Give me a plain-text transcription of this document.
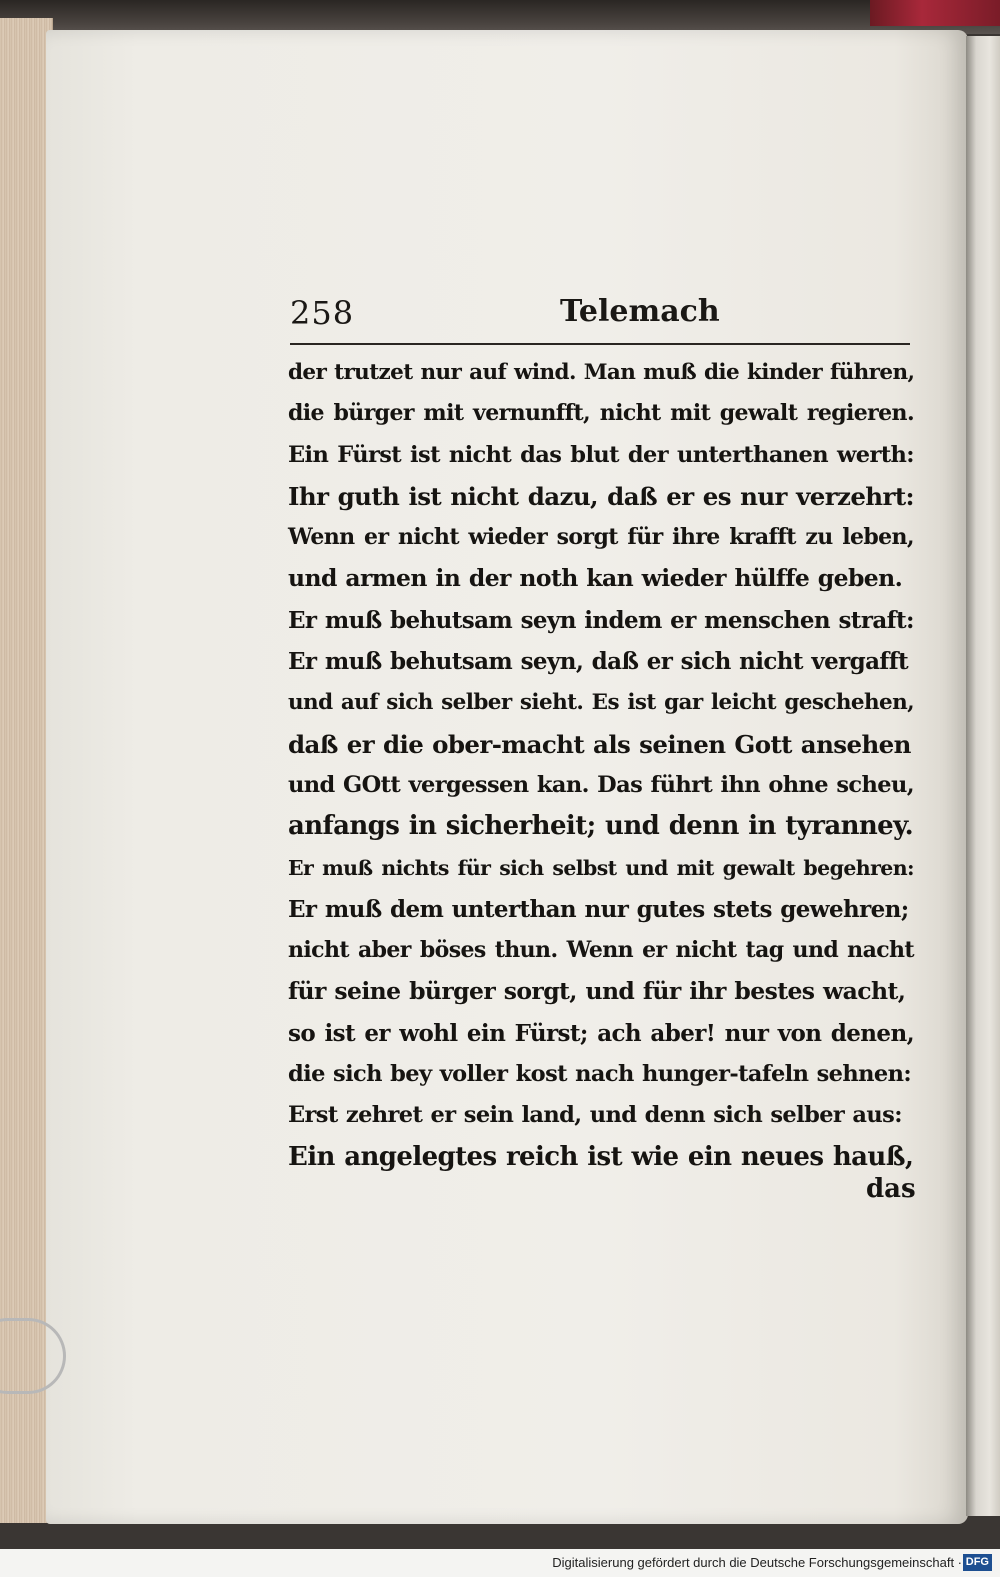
258	Telemach
der trutzet nur auf wind. Man muß die kinder führen,
die bürger mit vernunfft, nicht mit gewalt regieren.
Ein Fürst ist nicht das blut der unterthanen werth:
Ihr guth ist nicht dazu, daß er es nur verzehrt:
Wenn er nicht wieder sorgt für ihre krafft zu leben,
und armen in der noth kan wieder hülffe geben.
Er muß behutsam seyn indem er menschen straft:
Er muß behutsam seyn, daß er sich nicht vergafft
und auf sich selber sieht. Es ist gar leicht geschehen,
daß er die ober-macht als seinen Gott ansehen
und GOtt vergessen kan. Das führt ihn ohne scheu,
anfangs in sicherheit; und denn in tyranney.
Er muß nichts für sich selbst und mit gewalt begehren:
Er muß dem unterthan nur gutes stets gewehren;
nicht aber böses thun. Wenn er nicht tag und nacht
für seine bürger sorgt, und für ihr bestes wacht,
so ist er wohl ein Fürst; ach aber! nur von denen,
die sich bey voller kost nach hunger-tafeln sehnen:
Erst zehret er sein land, und denn sich selber aus:
Ein angelegtes reich ist wie ein neues hauß,
das
Digitalisierung gefördert durch die Deutsche Forschungsgemeinschaft · DFG
